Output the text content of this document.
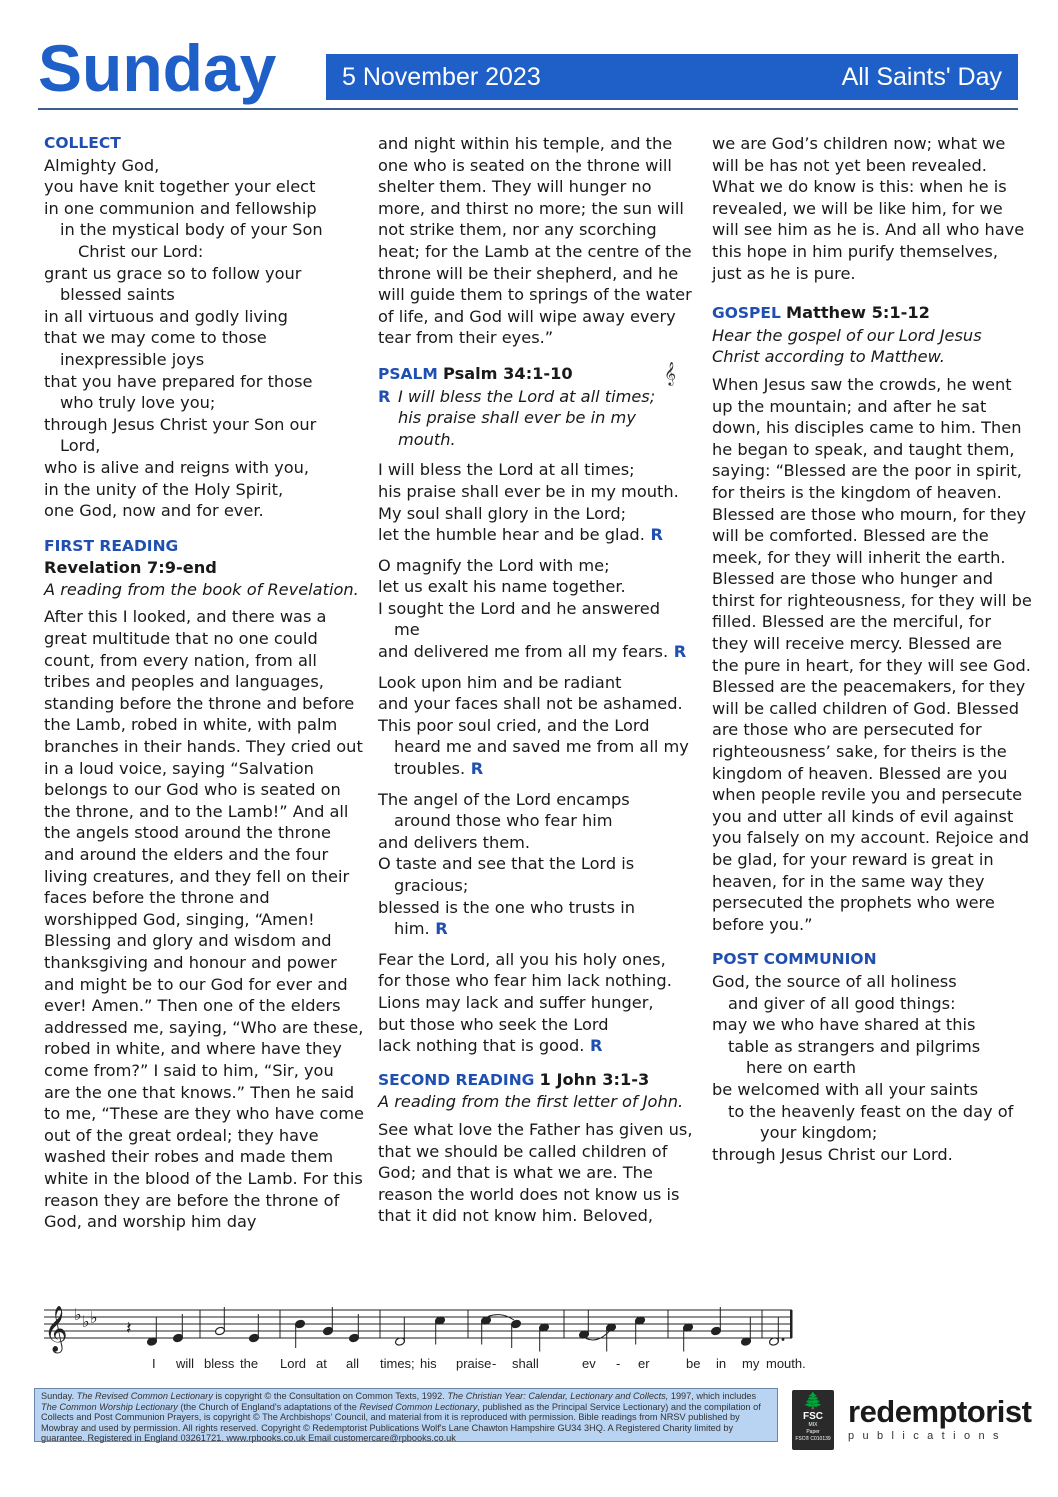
Sunday	5 November 2023	All Saints' Day
COLLECT
Almighty God,
you have knit together your elect
in one communion and fellowship
in the mystical body of your Son
Christ our Lord:
grant us grace so to follow your
blessed saints
in all virtuous and godly living
that we may come to those
inexpressible joys
that you have prepared for those
who truly love you;
through Jesus Christ your Son our
Lord,
who is alive and reigns with you,
in the unity of the Holy Spirit,
one God, now and for ever.
FIRST READING
Revelation 7:9-end
A reading from the book of Revelation.

After this I looked, and there was a great multitude that no one could count, from every nation, from all tribes and peoples and languages, standing before the throne and before the Lamb, robed in white, with palm branches in their hands. They cried out in a loud voice, saying “Salvation belongs to our God who is seated on the throne, and to the Lamb!” And all the angels stood around the throne and around the elders and the four living creatures, and they fell on their faces before the throne and worshipped God, singing, “Amen! Blessing and glory and wisdom and thanksgiving and honour and power and might be to our God for ever and ever! Amen.” Then one of the elders addressed me, saying, “Who are these, robed in white, and where have they come from?” I said to him, “Sir, you are the one that knows.” Then he said to me, “These are they who have come out of the great ordeal; they have washed their robes and made them white in the blood of the Lamb. For this reason they are before the throne of God, and worship him day

and night within his temple, and the one who is seated on the throne will shelter them. They will hunger no more, and thirst no more; the sun will not strike them, nor any scorching heat; for the Lamb at the centre of the throne will be their shepherd, and he will guide them to springs of the water of life, and God will wipe away every tear from their eyes.”

PSALM Psalm 34:1-10	𝄞
R I will bless the Lord at all times;
his praise shall ever be in my
mouth.
I will bless the Lord at all times;
his praise shall ever be in my mouth.
My soul shall glory in the Lord;
let the humble hear and be glad. R
O magnify the Lord with me;
let us exalt his name together.
I sought the Lord and he answered
me
and delivered me from all my fears. R
Look upon him and be radiant
and your faces shall not be ashamed.
This poor soul cried, and the Lord
heard me and saved me from all my
troubles. R
The angel of the Lord encamps
around those who fear him
and delivers them.
O taste and see that the Lord is
gracious;
blessed is the one who trusts in
him. R
Fear the Lord, all you his holy ones,
for those who fear him lack nothing.
Lions may lack and suffer hunger,
but those who seek the Lord
lack nothing that is good. R
SECOND READING 1 John 3:1-3
A reading from the first letter of John.

See what love the Father has given us, that we should be called children of God; and that is what we are. The reason the world does not know us is that it did not know him. Beloved,

we are God’s children now; what we will be has not yet been revealed. What we do know is this: when he is revealed, we will be like him, for we will see him as he is. And all who have this hope in him purify themselves, just as he is pure.

GOSPEL Matthew 5:1-12
Hear the gospel of our Lord Jesus Christ according to Matthew.

When Jesus saw the crowds, he went up the mountain; and after he sat down, his disciples came to him. Then he began to speak, and taught them, saying: “Blessed are the poor in spirit, for theirs is the kingdom of heaven. Blessed are those who mourn, for they will be comforted. Blessed are the meek, for they will inherit the earth. Blessed are those who hunger and thirst for righteousness, for they will be filled. Blessed are the merciful, for they will receive mercy. Blessed are the pure in heart, for they will see God. Blessed are the peacemakers, for they will be called children of God. Blessed are those who are persecuted for righteousness’ sake, for theirs is the kingdom of heaven. Blessed are you when people revile you and persecute you and utter all kinds of evil against you falsely on my account. Rejoice and be glad, for your reward is great in heaven, for in the same way they persecuted the prophets who were before you.”

POST COMMUNION
God, the source of all holiness
and giver of all good things:
may we who have shared at this
table as strangers and pilgrims
here on earth
be welcomed with all your saints
to the heavenly feast on the day of
your kingdom;
through Jesus Christ our Lord.
𝄞 ♭ ♭ ♭
𝄽
I will bless the Lord at all times; his praise - shall	ev - er	be in my mouth.
Sunday. The Revised Common Lectionary is copyright © the Consultation on Common Texts, 1992. The Christian Year: Calendar, Lectionary and Collects, 1997, which includes The Common Worship Lectionary (the Church of England's adaptations of the Revised Common Lectionary, published as the Principal Service Lectionary) and the compilation of Collects and Post Communion Prayers, is copyright © The Archbishops' Council, and material from it is reproduced with permission. Bible readings from NRSV published by Mowbray and used by permission. All rights reserved. Copyright © Redemptorist Publications Wolf's Lane Chawton Hampshire GU34 3HQ. A Registered Charity limited by guarantee. Registered in England 03261721. www.rpbooks.co.uk Email customercare@rpbooks.co.uk
🌲
FSC
MIX
Paper
FSC® C010139
redemptorist
publications
